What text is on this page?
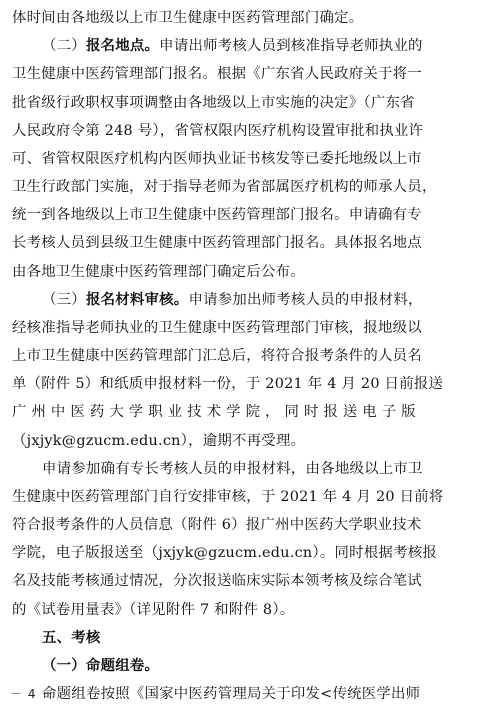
体时间由各地级以上市卫生健康中医药管理部门确定。
（二）报名地点。申请出师考核人员到核准指导老师执业的
卫生健康中医药管理部门报名。根据《广东省人民政府关于将一
批省级行政职权事项调整由各地级以上市实施的决定》（广东省
人民政府令第 248 号），省管权限内医疗机构设置审批和执业许
可、省管权限医疗机构内医师执业证书核发等已委托地级以上市
卫生行政部门实施，对于指导老师为省部属医疗机构的师承人员，
统一到各地级以上市卫生健康中医药管理部门报名。申请确有专
长考核人员到县级卫生健康中医药管理部门报名。具体报名地点
由各地卫生健康中医药管理部门确定后公布。
（三）报名材料审核。申请参加出师考核人员的申报材料，
经核准指导老师执业的卫生健康中医药管理部门审核，报地级以
上市卫生健康中医药管理部门汇总后，将符合报考条件的人员名
单（附件 5）和纸质申报材料一份，于 2021 年 4 月 20 日前报送
广 州 中 医 药 大 学 职 业 技 术 学 院 ， 同 时 报 送 电 子 版
（jxjyk@gzucm.edu.cn），逾期不再受理。
申请参加确有专长考核人员的申报材料，由各地级以上市卫
生健康中医药管理部门自行安排审核，于 2021 年 4 月 20 日前将
符合报考条件的人员信息（附件 6）报广州中医药大学职业技术
学院，电子版报送至（jxjyk@gzucm.edu.cn）。同时根据考核报
名及技能考核通过情况，分次报送临床实际本领考核及综合笔试
的《试卷用量表》（详见附件 7 和附件 8）。
五、考核
（一）命题组卷。
命题组卷按照《国家中医药管理局关于印发<传统医学出师
－ 4 －
